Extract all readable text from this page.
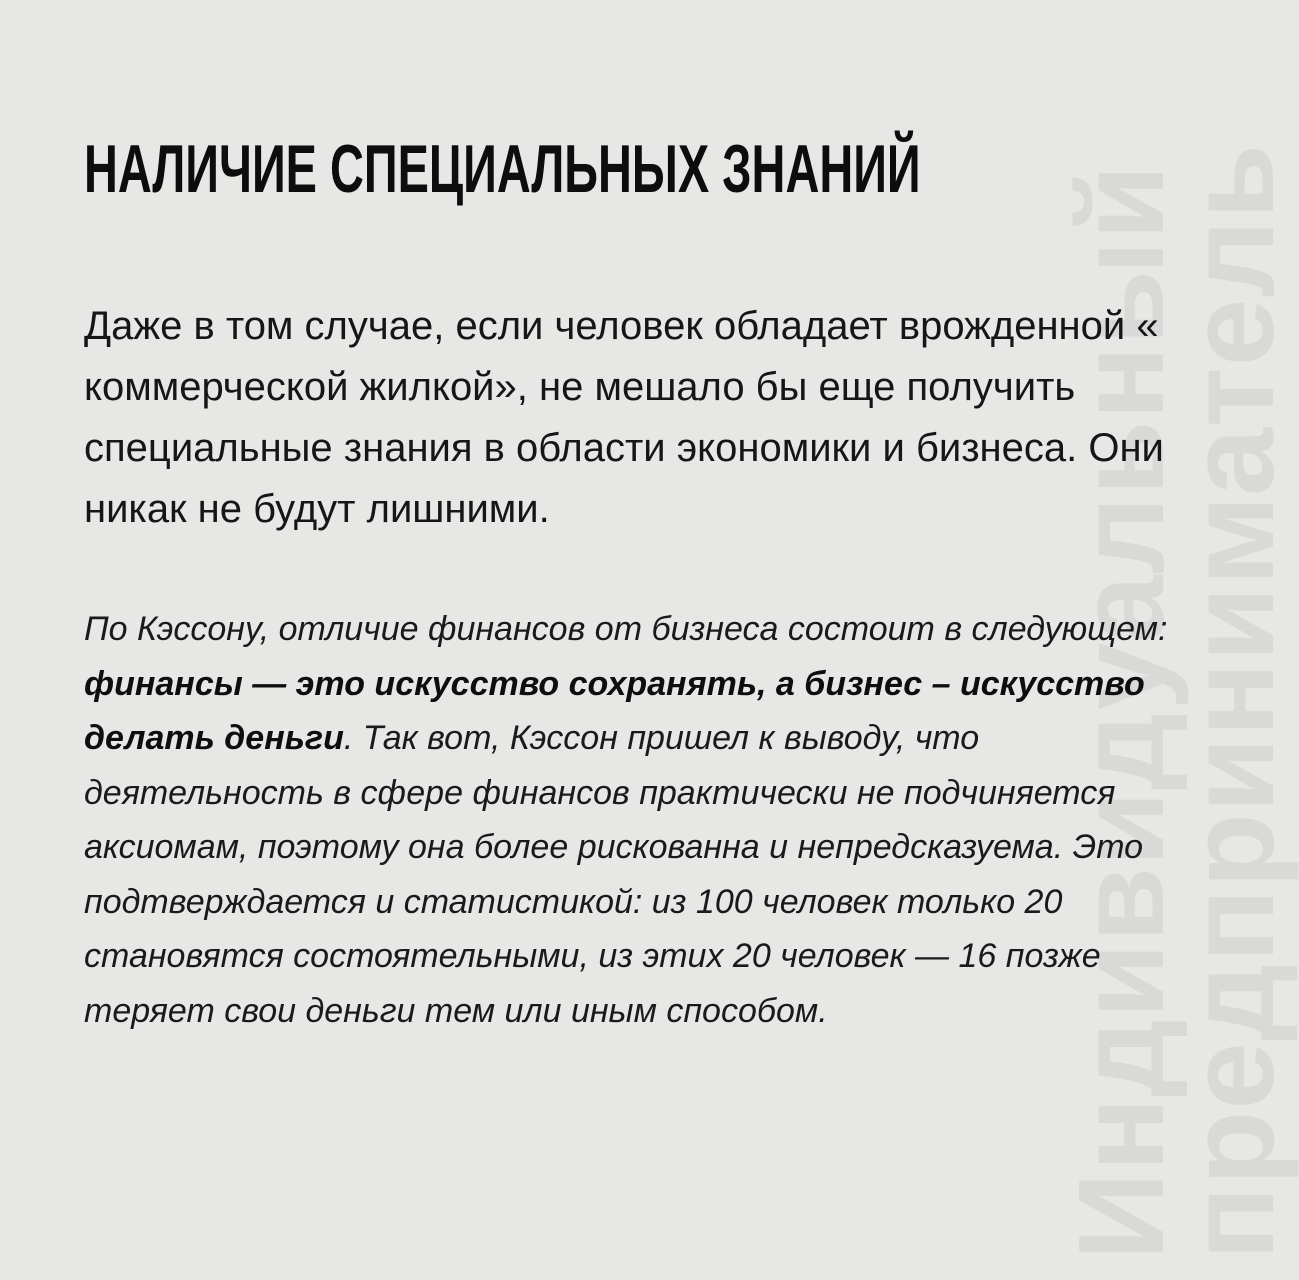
Индивидуальный
предприниматель
НАЛИЧИЕ СПЕЦИАЛЬНЫХ ЗНАНИЙ

Даже в том случае, если человек обладает врожденной « коммерческой жилкой», не мешало бы еще получить специальные знания в области экономики и бизнеса. Они никак не будут лишними.

По Кэссону, отличие финансов от бизнеса состоит в следующем: финансы — это искусство сохранять, а бизнес – искусство делать деньги. Так вот, Кэссон пришел к выводу, что деятельность в сфере финансов практически не подчиняется аксиомам, поэтому она более рискованна и непредсказуема. Это подтверждается и статистикой: из 100 человек только 20 становятся состоятельными, из этих 20 человек — 16 позже теряет свои деньги тем или иным способом.
